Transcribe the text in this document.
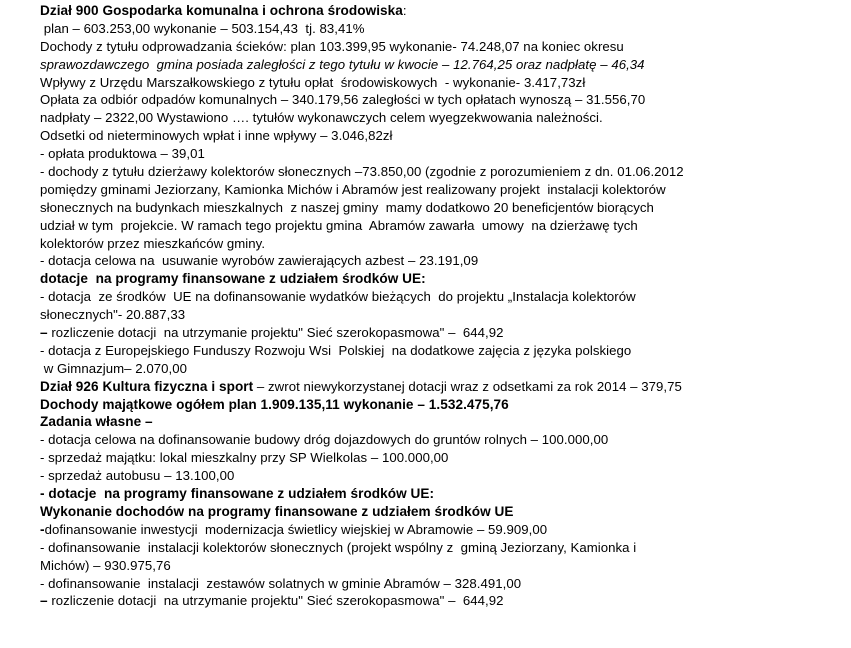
Dział 900 Gospodarka komunalna i ochrona środowiska:
plan – 603.253,00 wykonanie – 503.154,43  tj. 83,41%
Dochody z tytułu odprowadzania ścieków: plan 103.399,95 wykonanie- 74.248,07 na koniec okresu
sprawozdawczego  gmina posiada zaległości z tego tytułu w kwocie – 12.764,25 oraz nadpłatę – 46,34
Wpływy z Urzędu Marszałkowskiego z tytułu opłat  środowiskowych  - wykonanie- 3.417,73zł
Opłata za odbiór odpadów komunalnych – 340.179,56 zaległości w tych opłatach wynoszą – 31.556,70
nadpłaty – 2322,00 Wystawiono …. tytułów wykonawczych celem wyegzekwowania należności.
Odsetki od nieterminowych wpłat i inne wpływy – 3.046,82zł
- opłata produktowa – 39,01
- dochody z tytułu dzierżawy kolektorów słonecznych –73.850,00 (zgodnie z porozumieniem z dn. 01.06.2012
pomiędzy gminami Jeziorzany, Kamionka Michów i Abramów jest realizowany projekt  instalacji kolektorów
słonecznych na budynkach mieszkalnych  z naszej gminy  mamy dodatkowo 20 beneficjentów biorących
udział w tym  projekcie. W ramach tego projektu gmina  Abramów zawarła  umowy  na dzierżawę tych
kolektorów przez mieszkańców gminy.
- dotacja celowa na  usuwanie wyrobów zawierających azbest – 23.191,09
dotacje  na programy finansowane z udziałem środków UE:
- dotacja  ze środków  UE na dofinansowanie wydatków bieżących  do projektu „Instalacja kolektorów
słonecznych"- 20.887,33
– rozliczenie dotacji  na utrzymanie projektu" Sieć szerokopasmowa" –  644,92
- dotacja z Europejskiego Funduszy Rozwoju Wsi  Polskiej  na dodatkowe zajęcia z języka polskiego
w Gimnazjum– 2.070,00
Dział 926 Kultura fizyczna i sport – zwrot niewykorzystanej dotacji wraz z odsetkami za rok 2014 – 379,75
Dochody majątkowe ogółem plan 1.909.135,11 wykonanie – 1.532.475,76
Zadania własne –
- dotacja celowa na dofinansowanie budowy dróg dojazdowych do gruntów rolnych – 100.000,00
- sprzedaż majątku: lokal mieszkalny przy SP Wielkolas – 100.000,00
- sprzedaż autobusu – 13.100,00
- dotacje  na programy finansowane z udziałem środków UE:
Wykonanie dochodów na programy finansowane z udziałem środków UE
-dofinansowanie inwestycji  modernizacja świetlicy wiejskiej w Abramowie – 59.909,00
- dofinansowanie  instalacji kolektorów słonecznych (projekt wspólny z  gminą Jeziorzany, Kamionka i
Michów) – 930.975,76
- dofinansowanie  instalacji  zestawów solatnych w gminie Abramów – 328.491,00
– rozliczenie dotacji  na utrzymanie projektu" Sieć szerokopasmowa" –  644,92
